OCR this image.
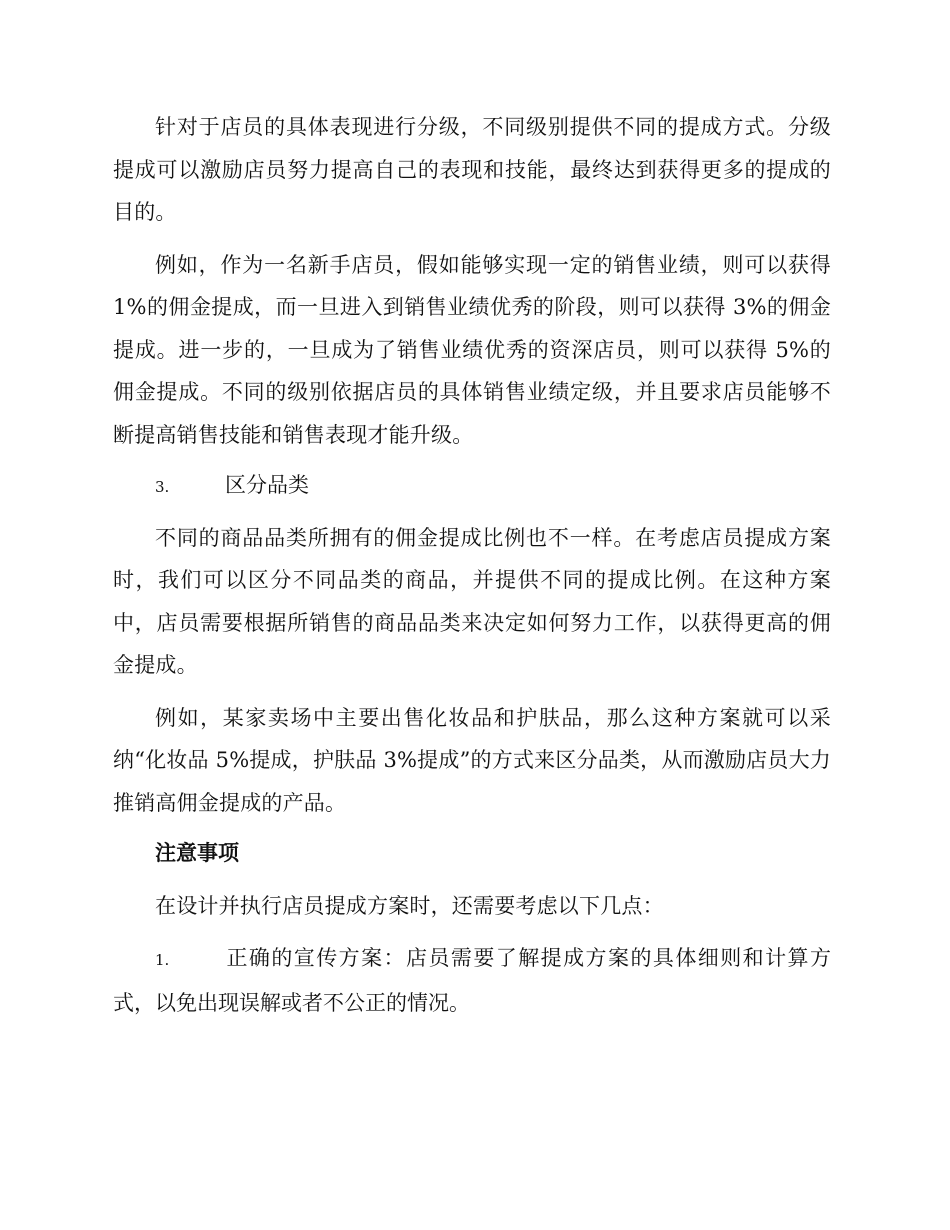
针对于店员的具体表现进行分级，不同级别提供不同的提成方式。分级提成可以激励店员努力提高自己的表现和技能，最终达到获得更多的提成的目的。

例如，作为一名新手店员，假如能够实现一定的销售业绩，则可以获得1%的佣金提成，而一旦进入到销售业绩优秀的阶段，则可以获得 3%的佣金提成。进一步的，一旦成为了销售业绩优秀的资深店员，则可以获得 5%的佣金提成。不同的级别依据店员的具体销售业绩定级，并且要求店员能够不断提高销售技能和销售表现才能升级。

3.	区分品类

不同的商品品类所拥有的佣金提成比例也不一样。在考虑店员提成方案时，我们可以区分不同品类的商品，并提供不同的提成比例。在这种方案中，店员需要根据所销售的商品品类来决定如何努力工作，以获得更高的佣金提成。

例如，某家卖场中主要出售化妆品和护肤品，那么这种方案就可以采纳“化妆品 5%提成，护肤品 3%提成”的方式来区分品类，从而激励店员大力推销高佣金提成的产品。

注意事项

在设计并执行店员提成方案时，还需要考虑以下几点：

1.	正确的宣传方案：店员需要了解提成方案的具体细则和计算方式，以免出现误解或者不公正的情况。
